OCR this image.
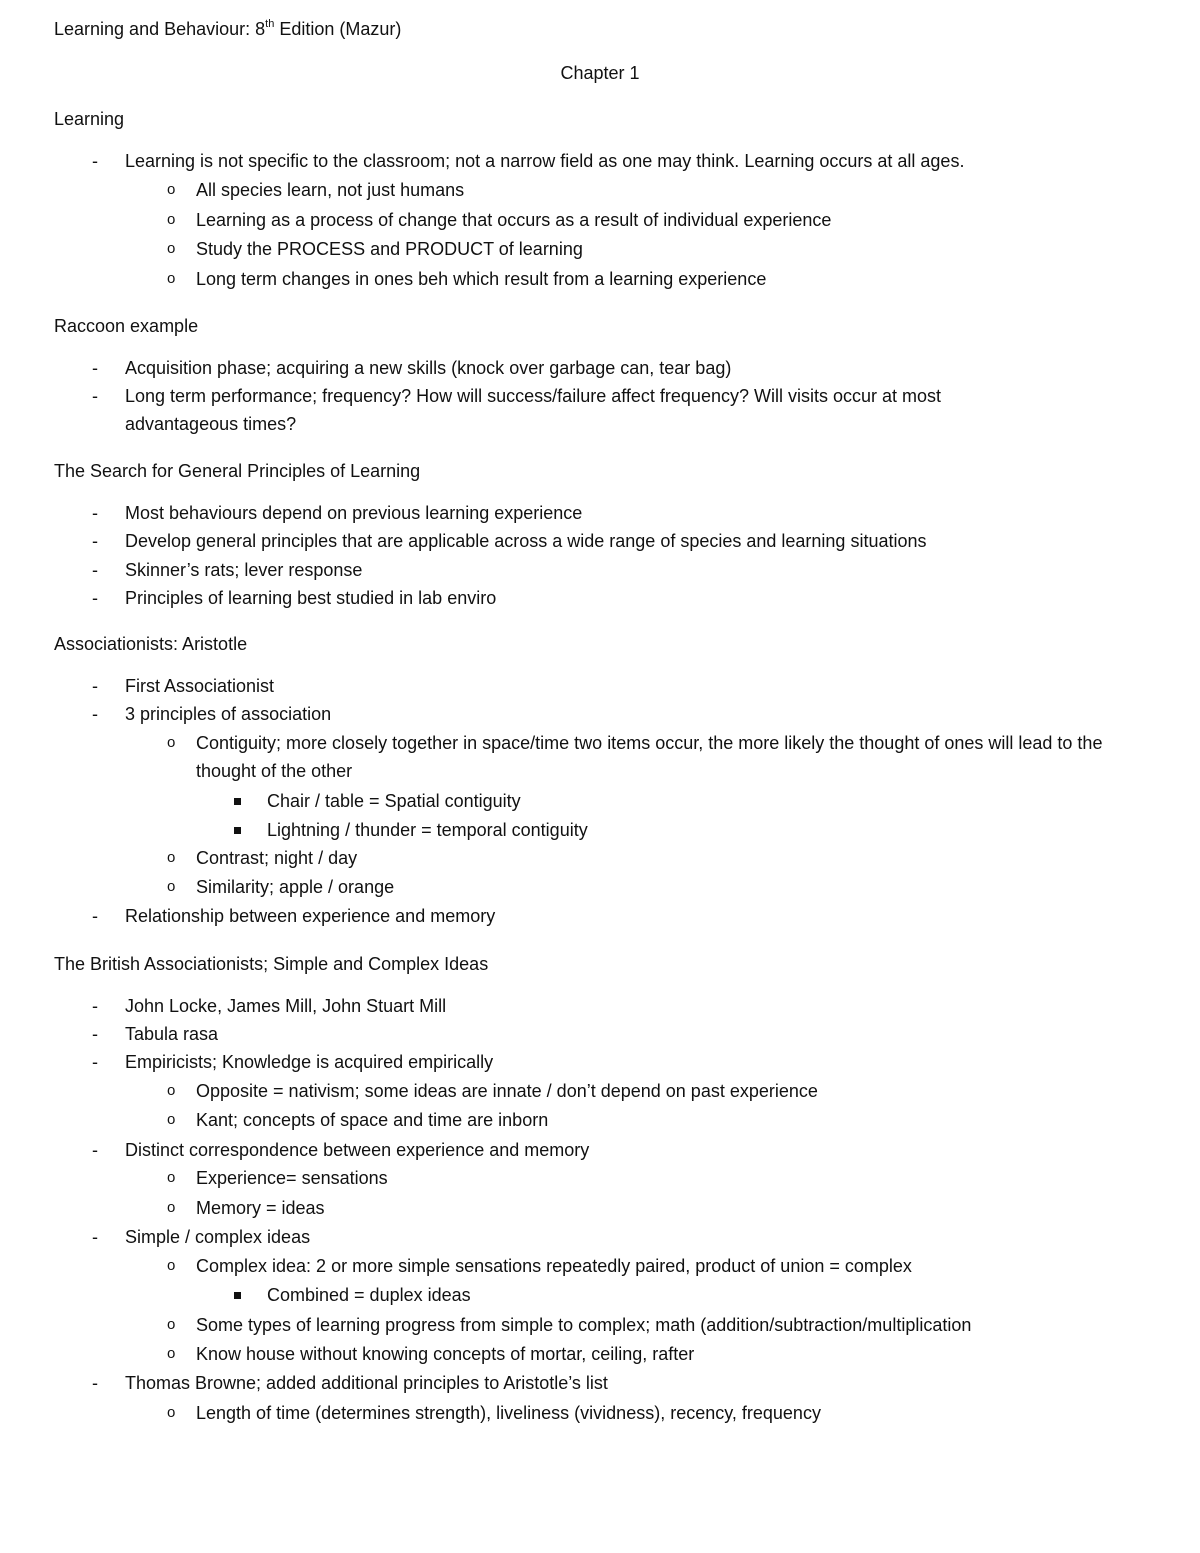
Learning and Behaviour: 8th Edition (Mazur)
Chapter 1
Learning
- Learning is not specific to the classroom; not a narrow field as one may think. Learning occurs at all ages.
o All species learn, not just humans
o Learning as a process of change that occurs as a result of individual experience
o Study the PROCESS and PRODUCT of learning
o Long term changes in ones beh which result from a learning experience
Raccoon example
- Acquisition phase; acquiring a new skills (knock over garbage can, tear bag)
- Long term performance; frequency? How will success/failure affect frequency? Will visits occur at most advantageous times?
The Search for General Principles of Learning
- Most behaviours depend on previous learning experience
- Develop general principles that are applicable across a wide range of species and learning situations
- Skinner’s rats; lever response
- Principles of learning best studied in lab enviro
Associationists: Aristotle
- First Associationist
- 3 principles of association
o Contiguity; more closely together in space/time two items occur, the more likely the thought of ones will lead to the thought of the other
Chair / table = Spatial contiguity
Lightning / thunder = temporal contiguity
o Contrast; night / day
o Similarity; apple / orange
- Relationship between experience and memory
The British Associationists; Simple and Complex Ideas
- John Locke, James Mill, John Stuart Mill
- Tabula rasa
- Empiricists; Knowledge is acquired empirically
o Opposite = nativism; some ideas are innate / don’t depend on past experience
o Kant; concepts of space and time are inborn
- Distinct correspondence between experience and memory
o Experience= sensations
o Memory = ideas
- Simple / complex ideas
o Complex idea: 2 or more simple sensations repeatedly paired, product of union = complex
Combined = duplex ideas
o Some types of learning progress from simple to complex; math (addition/subtraction/multiplication
o Know house without knowing concepts of mortar, ceiling, rafter
- Thomas Browne; added additional principles to Aristotle’s list
o Length of time (determines strength), liveliness (vividness), recency, frequency
